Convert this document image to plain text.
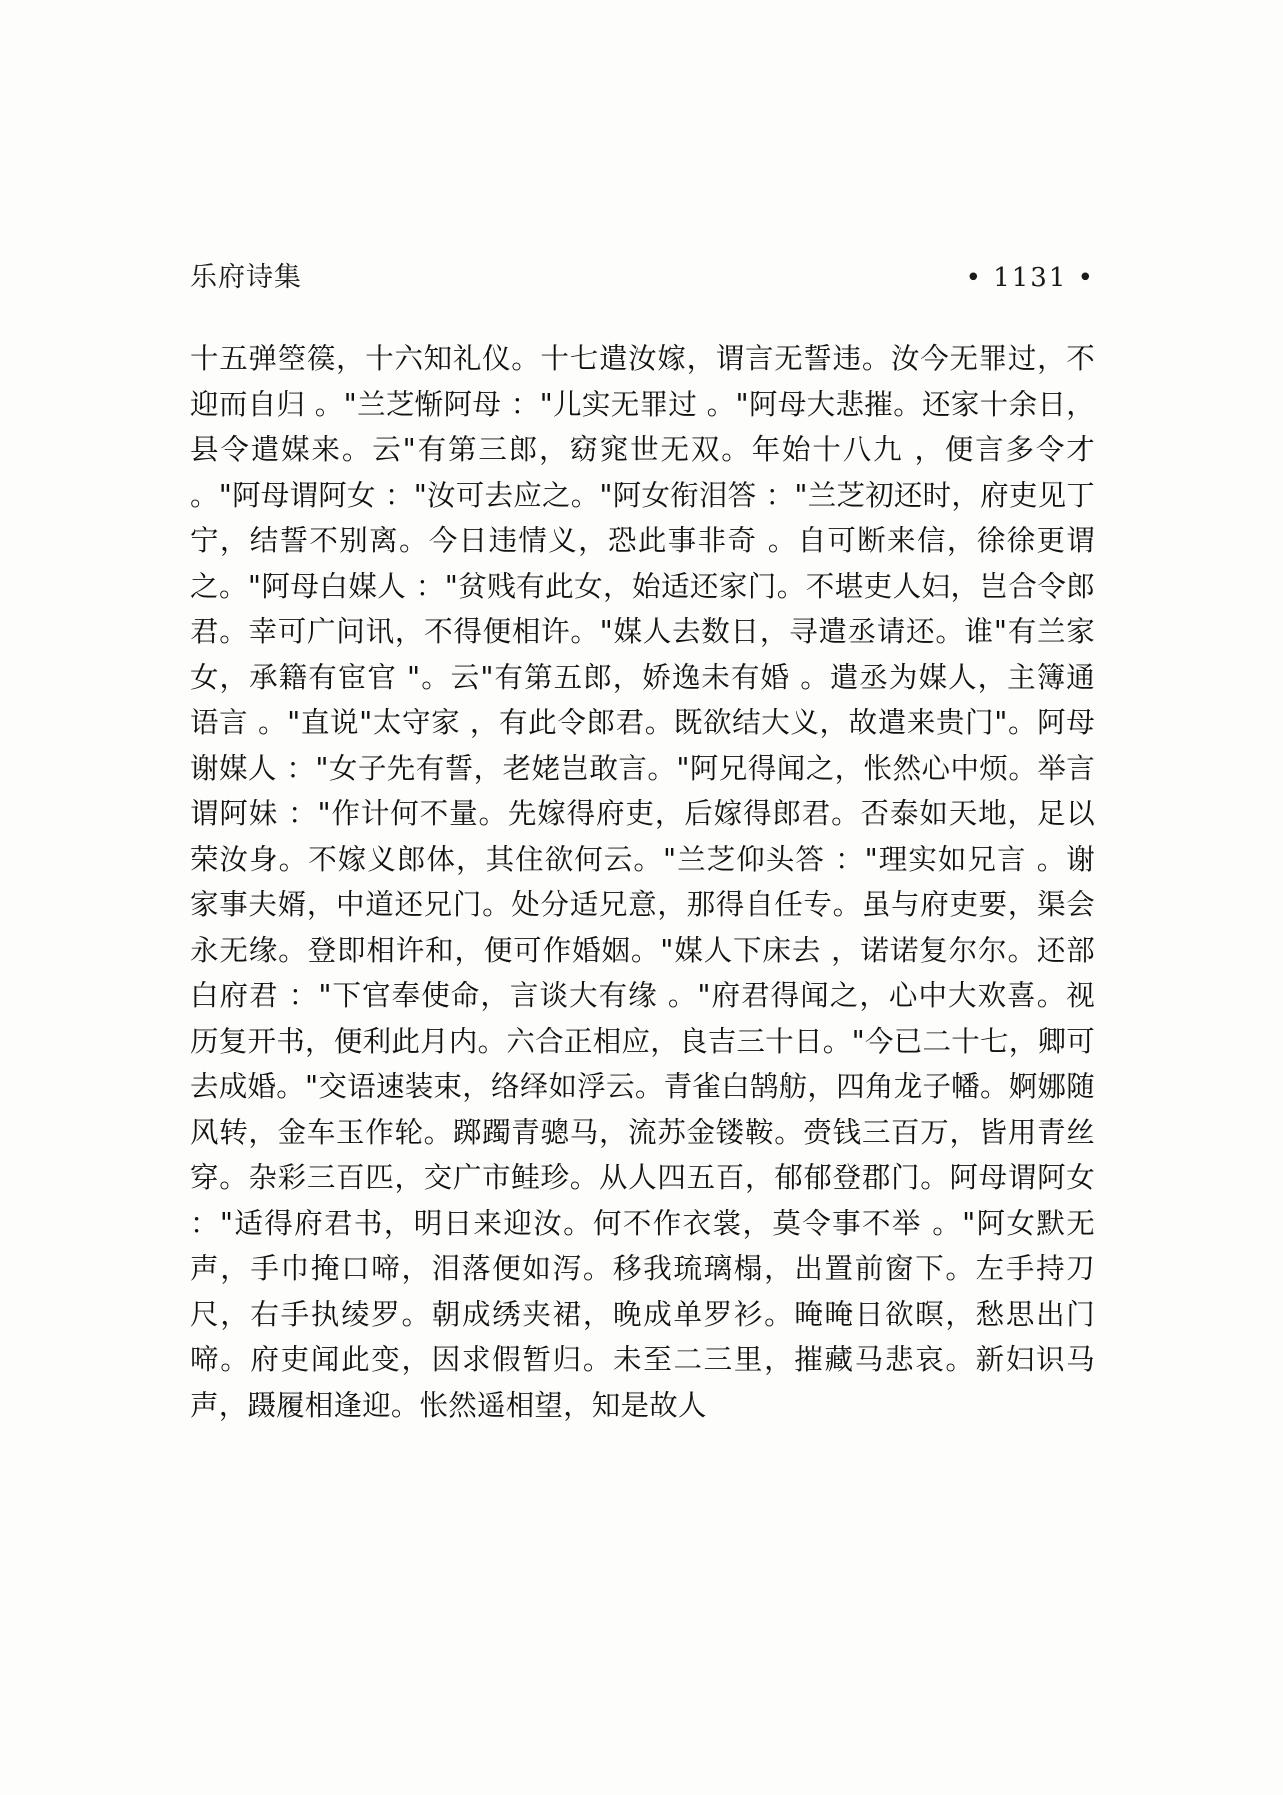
乐府诗集	• 1131 •
十五弹箜篌，十六知礼仪。十七遣汝嫁，谓言无誓违。汝今无罪过，不迎而自归 。"兰芝惭阿母 ："儿实无罪过 。"阿母大悲摧。还家十余日，县令遣媒来。云"有第三郎，窈窕世无双。年始十八九 ，便言多令才 。"阿母谓阿女 ："汝可去应之。"阿女衔泪答 ："兰芝初还时，府吏见丁宁，结誓不别离。今日违情义，恐此事非奇 。自可断来信，徐徐更谓之。"阿母白媒人 ："贫贱有此女，始适还家门。不堪吏人妇，岂合令郎君。幸可广问讯，不得便相许。"媒人去数日，寻遣丞请还。谁"有兰家女，承籍有宦官 "。云"有第五郎，娇逸未有婚 。遣丞为媒人，主簿通语言 。"直说"太守家 ，有此令郎君。既欲结大义，故遣来贵门"。阿母谢媒人 ："女子先有誓，老姥岂敢言。"阿兄得闻之，怅然心中烦。举言谓阿妹 ："作计何不量。先嫁得府吏，后嫁得郎君。否泰如天地，足以荣汝身。不嫁义郎体，其住欲何云。"兰芝仰头答 ："理实如兄言 。谢家事夫婿，中道还兄门。处分适兄意，那得自任专。虽与府吏要，渠会永无缘。登即相许和，便可作婚姻。"媒人下床去 ，诺诺复尔尔。还部白府君 ："下官奉使命，言谈大有缘 。"府君得闻之，心中大欢喜。视历复开书，便利此月内。六合正相应，良吉三十日。"今已二十七，卿可去成婚。"交语速装束，络绎如浮云。青雀白鹄舫，四角龙子幡。婀娜随风转，金车玉作轮。踯躅青骢马，流苏金镂鞍。赍钱三百万，皆用青丝穿。杂彩三百匹，交广市鲑珍。从人四五百，郁郁登郡门。阿母谓阿女 ："适得府君书，明日来迎汝。何不作衣裳，莫令事不举 。"阿女默无声，手巾掩口啼，泪落便如泻。移我琉璃榻，出置前窗下。左手持刀尺，右手执绫罗。朝成绣夹裙，晚成单罗衫。晻晻日欲暝，愁思出门啼。府吏闻此变，因求假暂归。未至二三里，摧藏马悲哀。新妇识马声，蹑履相逢迎。怅然遥相望，知是故人
